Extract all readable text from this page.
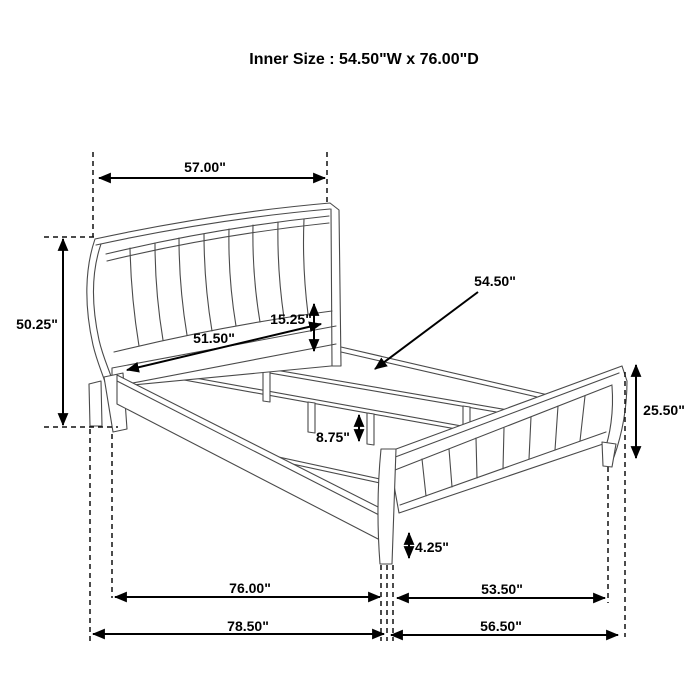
Inner Size : 54.50"W x 76.00"D
57.00"
50.25"
51.50"
15.25"
54.50"
8.75"
25.50"
4.25"
76.00"	53.50"
78.50"	56.50"
